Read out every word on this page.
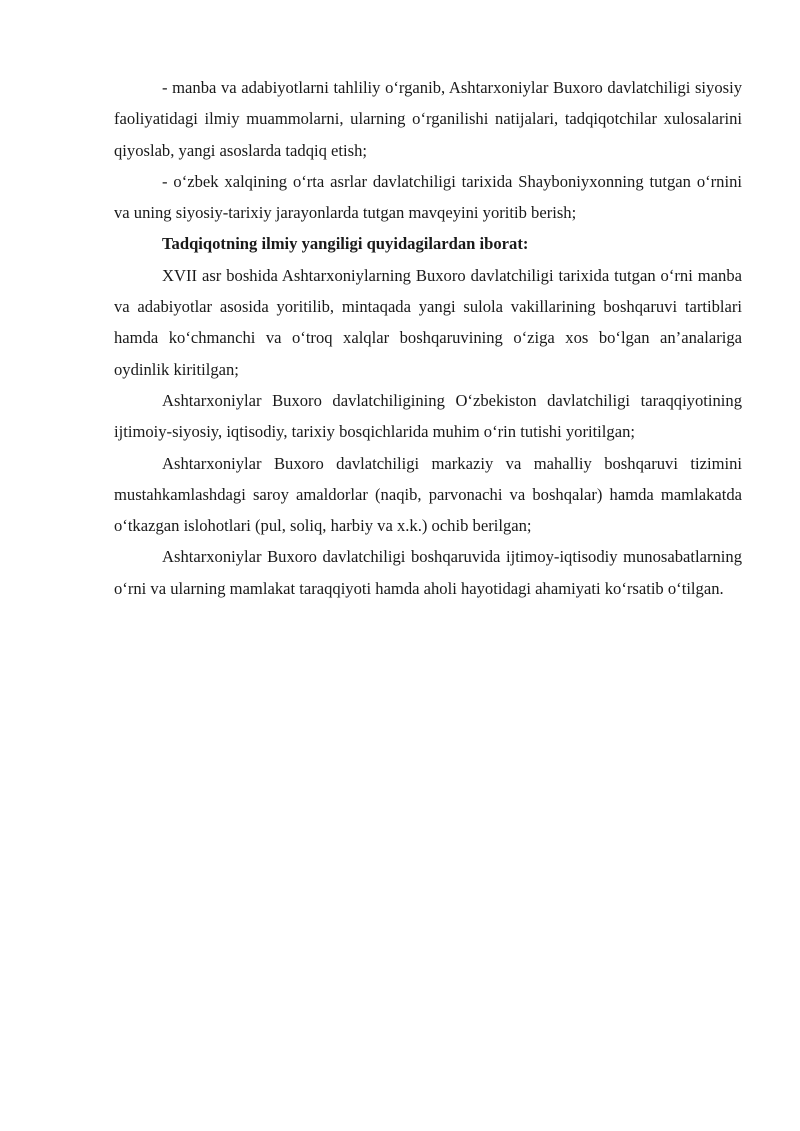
- manba va adabiyotlarni tahliliy o‘rganib, Ashtarxoniylar Buxoro davlatchiligi siyosiy faoliyatidagi ilmiy muammolarni, ularning o‘rganilishi natijalari, tadqiqotchilar xulosalarini qiyoslab, yangi asoslarda tadqiq etish;

- o‘zbek xalqining o‘rta asrlar davlatchiligi tarixida Shayboniyxonning tutgan o‘rnini va uning siyosiy-tarixiy jarayonlarda tutgan mavqeyini yoritib berish;

Tadqiqotning ilmiy yangiligi quyidagilardan iborat:

XVII asr boshida Ashtarxoniylarning Buxoro davlatchiligi tarixida tutgan o‘rni manba va adabiyotlar asosida yoritilib, mintaqada yangi sulola vakillarining boshqaruvi tartiblari hamda ko‘chmanchi va o‘troq xalqlar boshqaruvining o‘ziga xos bo‘lgan an’analariga oydinlik kiritilgan;

Ashtarxoniylar Buxoro davlatchiligining O‘zbekiston davlatchiligi taraqqiyotining ijtimoiy-siyosiy, iqtisodiy, tarixiy bosqichlarida muhim o‘rin tutishi yoritilgan;

Ashtarxoniylar Buxoro davlatchiligi markaziy va mahalliy boshqaruvi tizimini mustahkamlashdagi saroy amaldorlar (naqib, parvonachi va boshqalar) hamda mamlakatda o‘tkazgan islohotlari (pul, soliq, harbiy va x.k.) ochib berilgan;

Ashtarxoniylar Buxoro davlatchiligi boshqaruvida ijtimoy-iqtisodiy munosabatlarning o‘rni va ularning mamlakat taraqqiyoti hamda aholi hayotidagi ahamiyati ko‘rsatib o‘tilgan.
